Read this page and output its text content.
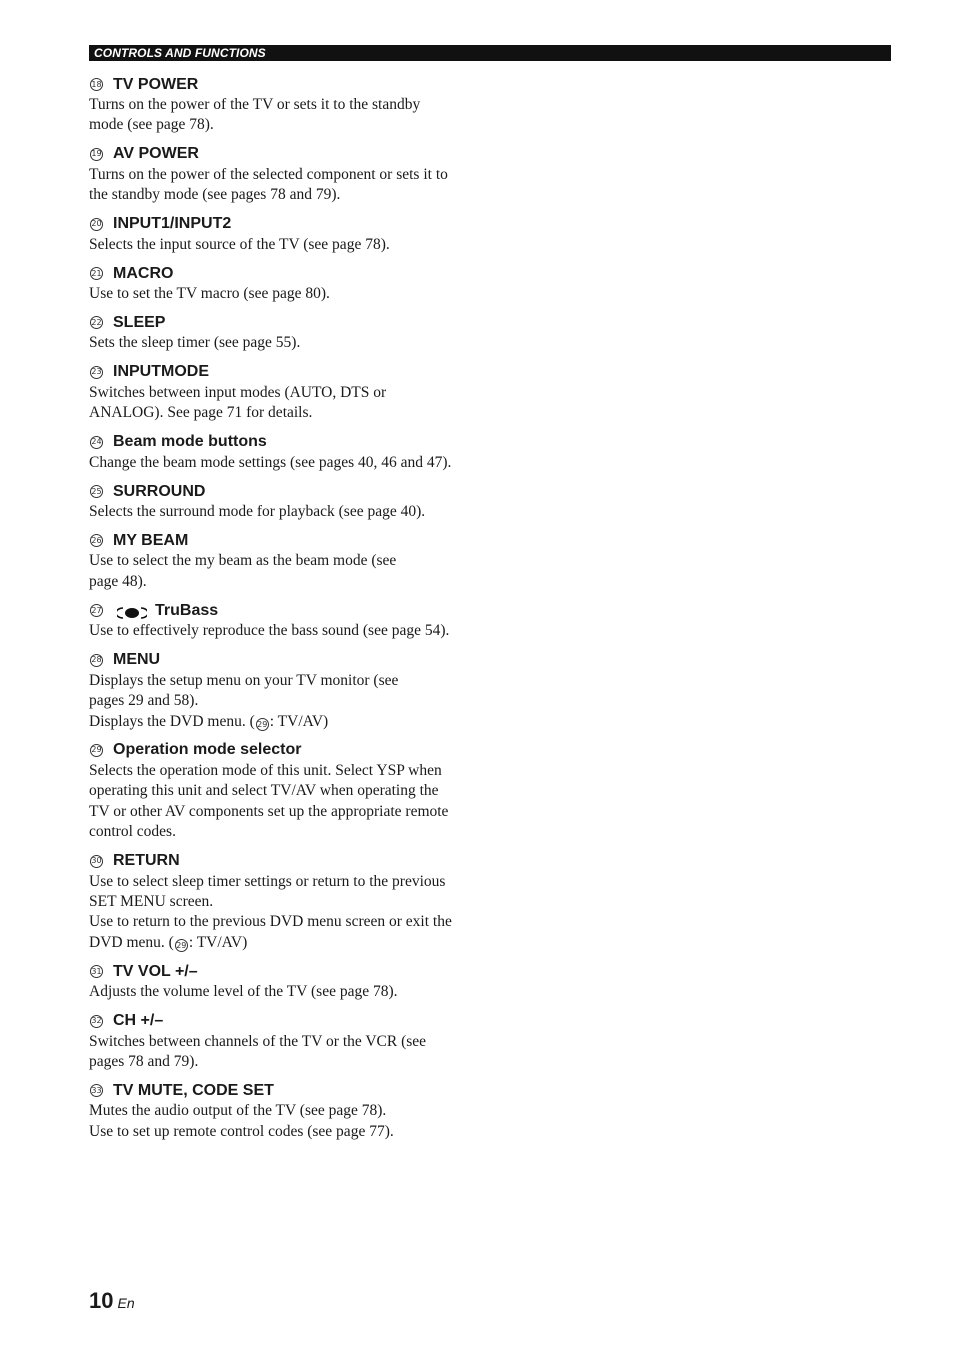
CONTROLS AND FUNCTIONS
18 TV POWER
Turns on the power of the TV or sets it to the standby
mode (see page 78).
19 AV POWER
Turns on the power of the selected component or sets it to
the standby mode (see pages 78 and 79).
20 INPUT1/INPUT2
Selects the input source of the TV (see page 78).
21 MACRO
Use to set the TV macro (see page 80).
22 SLEEP
Sets the sleep timer (see page 55).
23 INPUTMODE
Switches between input modes (AUTO, DTS or
ANALOG). See page 71 for details.
24 Beam mode buttons
Change the beam mode settings (see pages 40, 46 and 47).
25 SURROUND
Selects the surround mode for playback (see page 40).
26 MY BEAM
Use to select the my beam as the beam mode (see
page 48).
27	TruBass
Use to effectively reproduce the bass sound (see page 54).
28 MENU
Displays the setup menu on your TV monitor (see
pages 29 and 58).
Displays the DVD menu. ( 29 : TV/AV)
29 Operation mode selector
Selects the operation mode of this unit. Select YSP when
operating this unit and select TV/AV when operating the
TV or other AV components set up the appropriate remote
control codes.
30 RETURN
Use to select sleep timer settings or return to the previous
SET MENU screen.
Use to return to the previous DVD menu screen or exit the
DVD menu. ( 29 : TV/AV)
31 TV VOL +/–
Adjusts the volume level of the TV (see page 78).
32 CH +/–
Switches between channels of the TV or the VCR (see
pages 78 and 79).
33 TV MUTE, CODE SET
Mutes the audio output of the TV (see page 78).
Use to set up remote control codes (see page 77).
10 En
